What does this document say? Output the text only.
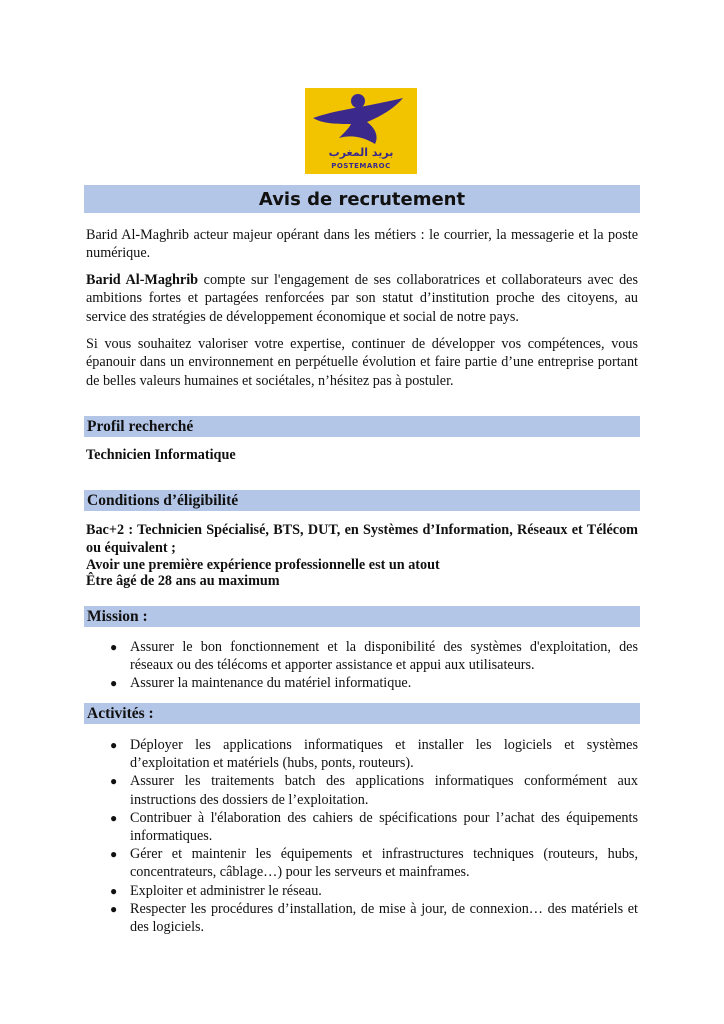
بريد المغرب
POSTEMAROC
Avis de recrutement

Barid Al-Maghrib acteur majeur opérant dans les métiers : le courrier, la messagerie et la poste numérique.

Barid Al-Maghrib compte sur l'engagement de ses collaboratrices et collaborateurs avec des ambitions fortes et partagées renforcées par son statut d’institution proche des citoyens, au service des stratégies de développement économique et social de notre pays.

Si vous souhaitez valoriser votre expertise, continuer de développer vos compétences, vous épanouir dans un environnement en perpétuelle évolution et faire partie d’une entreprise portant de belles valeurs humaines et sociétales, n’hésitez pas à postuler.

Profil recherché

Technicien Informatique

Conditions d’éligibilité

Bac+2 : Technicien Spécialisé, BTS, DUT, en Systèmes d’Information, Réseaux et Télécom ou équivalent ;

Avoir une première expérience professionnelle est un atout

Être âgé de 28 ans au maximum

Mission :
● Assurer le bon fonctionnement et la disponibilité des systèmes d'exploitation, des réseaux ou des télécoms et apporter assistance et appui aux utilisateurs.
● Assurer la maintenance du matériel informatique.
Activités :
● Déployer les applications informatiques et installer les logiciels et systèmes d’exploitation et matériels (hubs, ponts, routeurs).
● Assurer les traitements batch des applications informatiques conformément aux instructions des dossiers de l’exploitation.
● Contribuer à l'élaboration des cahiers de spécifications pour l’achat des équipements informatiques.
● Gérer et maintenir les équipements et infrastructures techniques (routeurs, hubs, concentrateurs, câblage…) pour les serveurs et mainframes.
● Exploiter et administrer le réseau.
● Respecter les procédures d’installation, de mise à jour, de connexion… des matériels et des logiciels.
